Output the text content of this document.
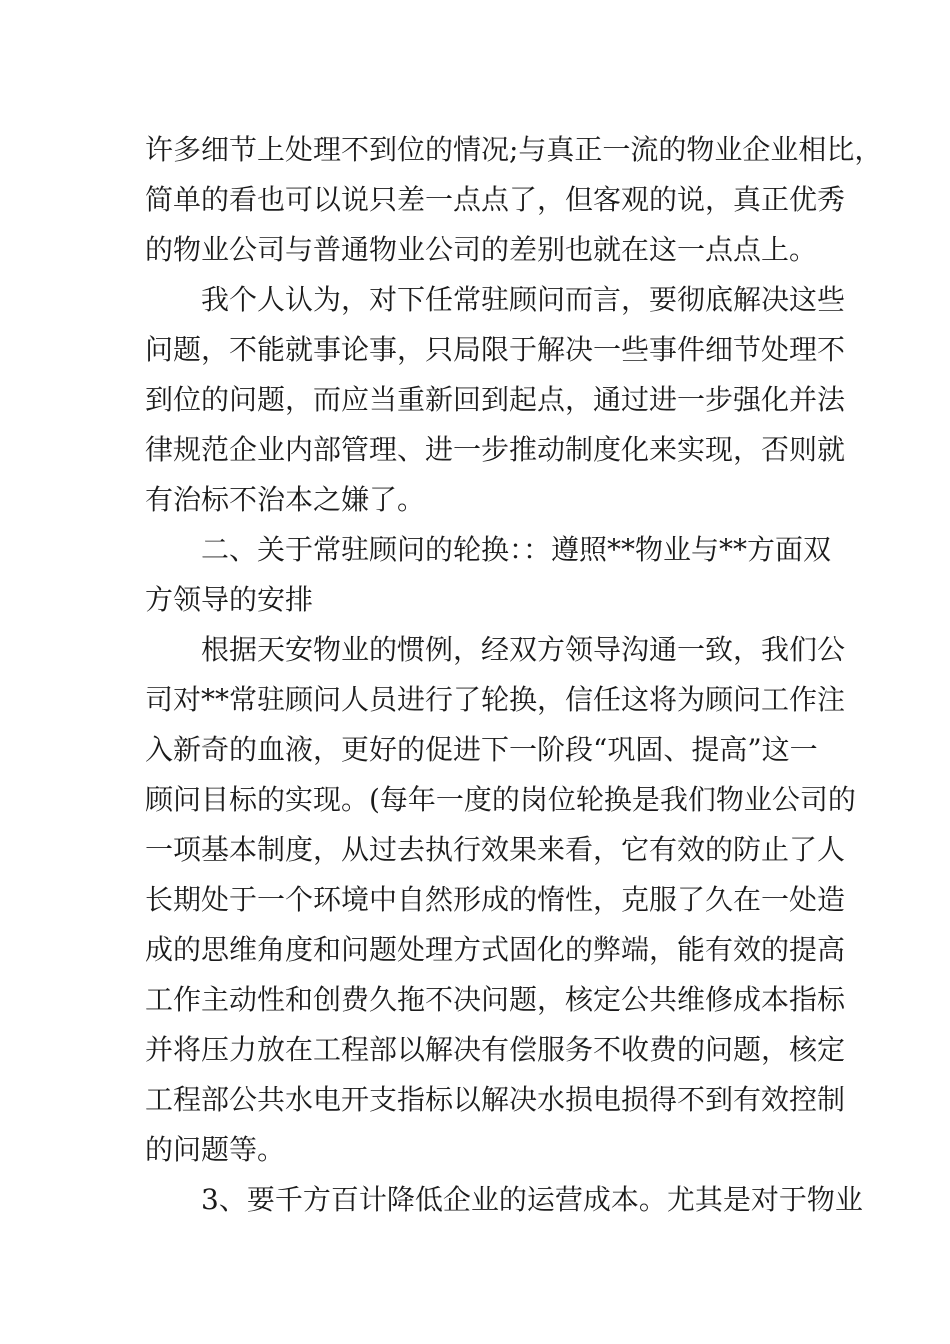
许多细节上处理不到位的情况;与真正一流的物业企业相比，
简单的看也可以说只差一点点了，但客观的说，真正优秀
的物业公司与普通物业公司的差别也就在这一点点上。
我个人认为，对下任常驻顾问而言，要彻底解决这些
问题，不能就事论事，只局限于解决一些事件细节处理不
到位的问题，而应当重新回到起点，通过进一步强化并法
律规范企业内部管理、进一步推动制度化来实现，否则就
有治标不治本之嫌了。
二、关于常驻顾问的轮换：：遵照**物业与**方面双
方领导的安排
根据天安物业的惯例，经双方领导沟通一致，我们公
司对**常驻顾问人员进行了轮换，信任这将为顾问工作注
入新奇的血液，更好的促进下一阶段“巩固、提高”这一
顾问目标的实现。(每年一度的岗位轮换是我们物业公司的
一项基本制度，从过去执行效果来看，它有效的防止了人
长期处于一个环境中自然形成的惰性，克服了久在一处造
成的思维角度和问题处理方式固化的弊端，能有效的提高
工作主动性和创费久拖不决问题，核定公共维修成本指标
并将压力放在工程部以解决有偿服务不收费的问题，核定
工程部公共水电开支指标以解决水损电损得不到有效控制
的问题等。
3、要千方百计降低企业的运营成本。尤其是对于物业
